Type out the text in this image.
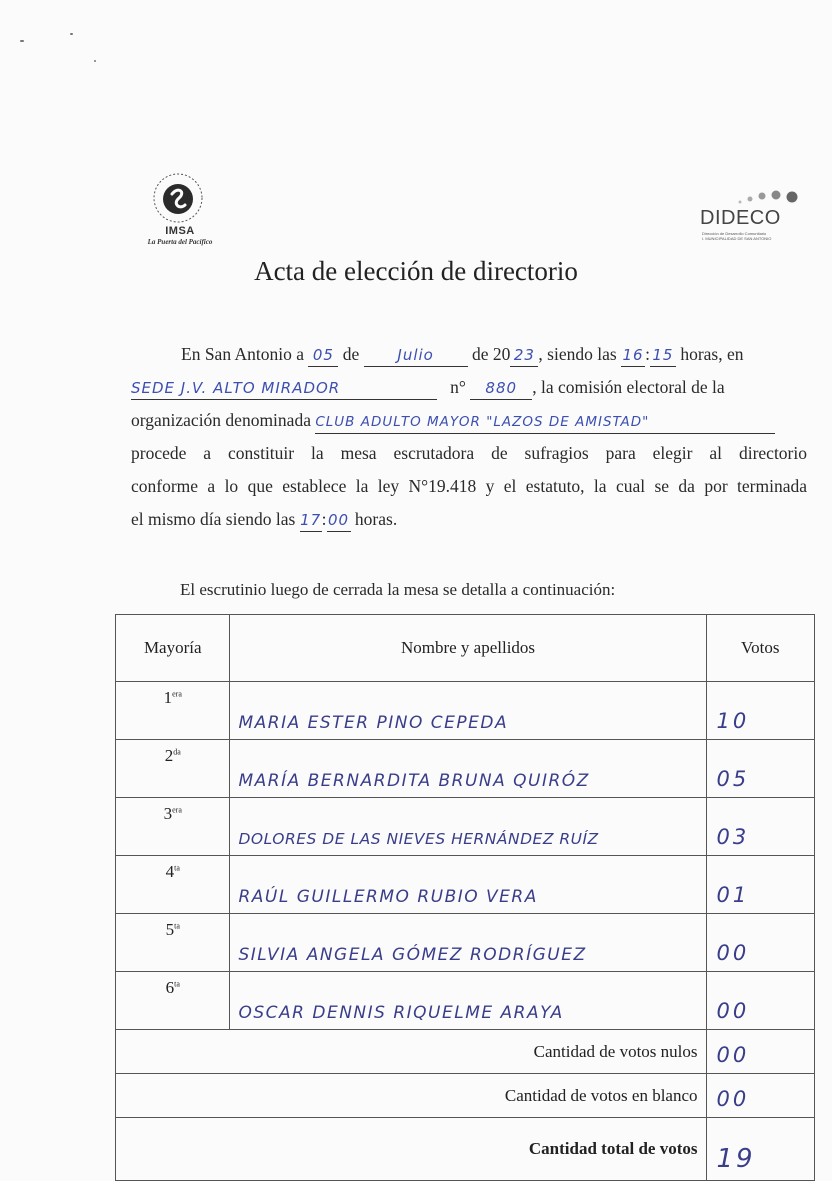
IMSA
La Puerta del Pacífico
DIDECO
Dirección de Desarrollo Comunitario
I. MUNICIPALIDAD DE SAN ANTONIO
Acta de elección de directorio
En San Antonio a 05 de	Julio de 20 23 , siendo las 16: 15 horas, en
SEDE J.V. ALTO MIRADOR	n° 880 , la comisión electoral de la
organización denominada CLUB ADULTO MAYOR "LAZOS DE AMISTAD"
procede a constituir la mesa escrutadora de sufragios para elegir al directorio
conforme a lo que establece la ley N°19.418 y el estatuto, la cual se da por terminada
el mismo día siendo las 17:00 horas.
El escrutinio luego de cerrada la mesa se detalla a continuación:
Mayoría	Nombre y apellidos	Votos
$1^{era}$	MARIA ESTER PINO CEPEDA	10
$2^{da}$	MARÍA BERNARDITA BRUNA QUIRÓZ	05
$3^{era}$	DOLORES DE LAS NIEVES HERNÁNDEZ RUÍZ	03
$4^{ta}$	RAÚL GUILLERMO RUBIO VERA	01
$5^{ta}$	SILVIA ANGELA GÓMEZ RODRÍGUEZ	00
$6^{ta}$	OSCAR DENNIS RIQUELME ARAYA	00
Cantidad de votos nulos		00
Cantidad de votos en blanco		00
Cantidad total de votos		19
